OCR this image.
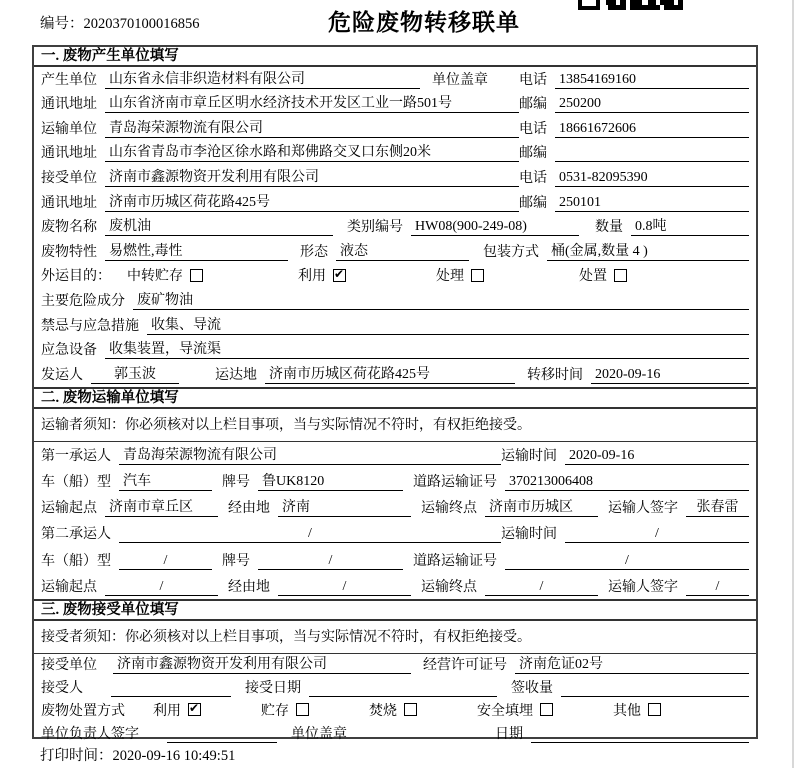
编号：2020370100016856	危险废物转移联单
一. 废物产生单位填写
产生单位 山东省永信非织造材料有限公司	单位盖章 电话 13854169160
通讯地址 山东省济南市章丘区明水经济技术开发区工业一路501号	邮编 250200
运输单位 青岛海荣源物流有限公司	电话 18661672606
通讯地址 山东省青岛市李沧区徐水路和郑佛路交叉口东侧20米	邮编
接受单位 济南市鑫源物资开发利用有限公司	电话 0531-82095390
通讯地址 济南市历城区荷花路425号	邮编 250101
废物名称 废机油	类别编号 HW08(900-249-08)	数量 0.8吨
废物特性 易燃性,毒性	形态 液态	包装方式 桶(金属,数量 4 )
外运目的： 中转贮存	利用 ✔	处理	处置
主要危险成分 废矿物油
禁忌与应急措施 收集、导流
应急设备 收集装置，导流渠
发运人	郭玉波	运达地 济南市历城区荷花路425号	转移时间 2020-09-16
二. 废物运输单位填写
运输者须知：你必须核对以上栏目事项，当与实际情况不符时，有权拒绝接受。
第一承运人 青岛海荣源物流有限公司	运输时间 2020-09-16
车（船）型 汽车	牌号 鲁UK8120	道路运输证号 370213006408
运输起点 济南市章丘区	经由地 济南	运输终点 济南市历城区	运输人签字	张春雷
第二承运人	/	运输时间	/
车（船）型	/	牌号	/	道路运输证号	/
运输起点	/	经由地	/	运输终点	/	运输人签字	/
三. 废物接受单位填写
接受者须知：你必须核对以上栏目事项，当与实际情况不符时，有权拒绝接受。
接受单位 济南市鑫源物资开发利用有限公司	经营许可证号 济南危证02号
接受人	接受日期	签收量
废物处置方式 利用 ✔	贮存	焚烧	安全填埋	其他
单位负责人签字	单位盖章	日期
打印时间：2020-09-16 10:49:51
